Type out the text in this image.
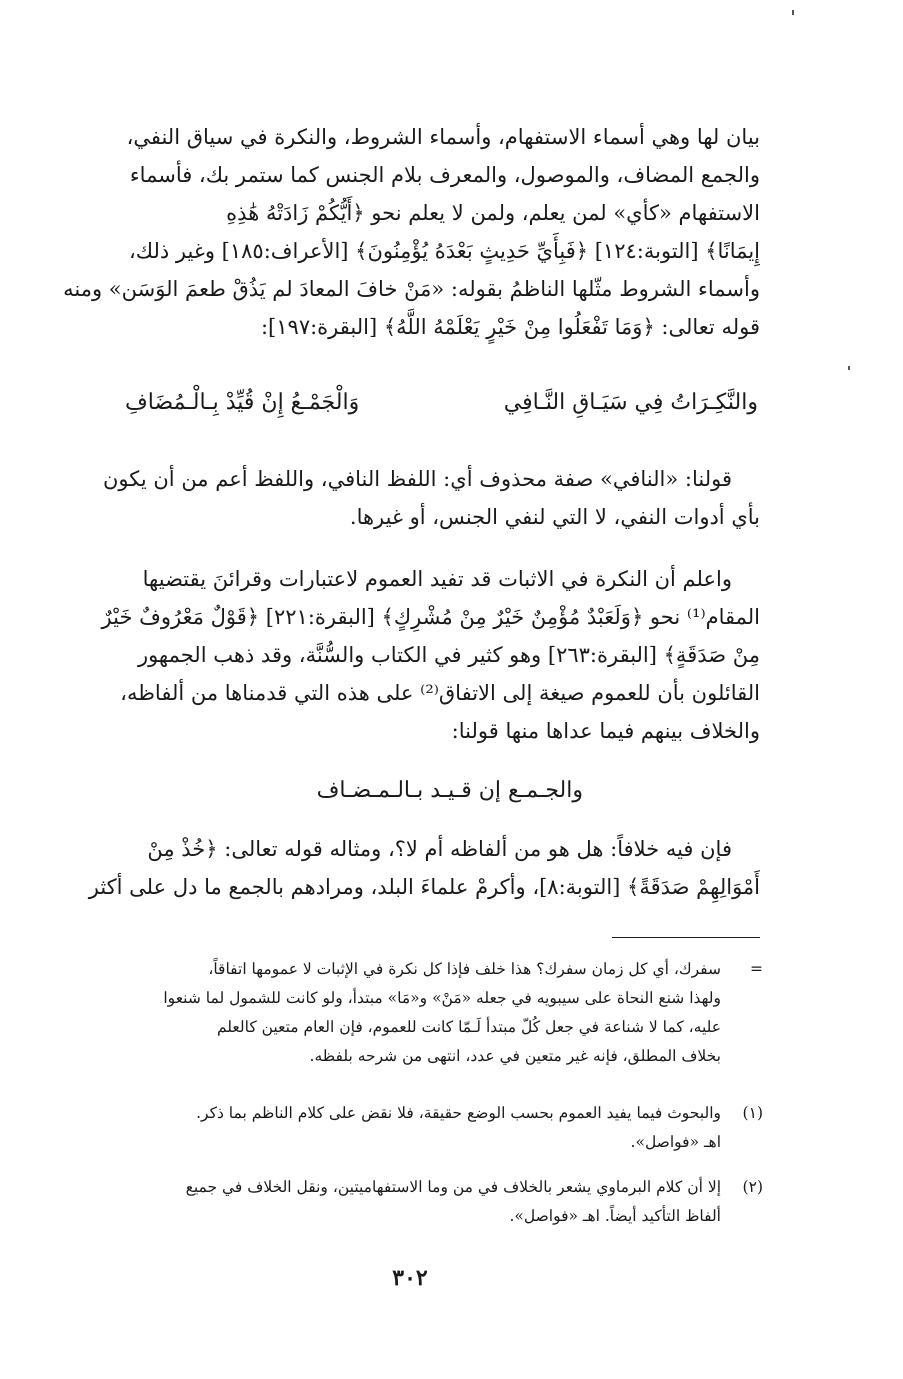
بيان لها وهي أسماء الاستفهام، وأسماء الشروط، والنكرة في سياق النفي،
والجمع المضاف، والموصول، والمعرف بلام الجنس كما ستمر بك، فأسماء
الاستفهام «كأي» لمن يعلم، ولمن لا يعلم نحو ﴿أَيُّكُمْ زَادَتْهُ هَٰذِهِ
إِيمَانًا﴾ [التوبة:١٢٤] ﴿فَبِأَيِّ حَدِيثٍ بَعْدَهُ يُؤْمِنُونَ﴾ [الأعراف:١٨٥] وغير ذلك،
وأسماء الشروط مثّلها الناظمُ بقوله: «مَنْ خافَ المعادَ لم يَذُقْ طعمَ الوَسَن» ومنه
قوله تعالى: ﴿وَمَا تَفْعَلُوا مِنْ خَيْرٍ يَعْلَمْهُ اللَّهُ﴾ [البقرة:١٩٧]:
والنَّكِـرَاتُ فِي سَيَـاقِ النَّـافِي
وَالْجَمْـعُ إِنْ قُيِّدْ بِـالْـمُضَافِ
قولنا: «النافي» صفة محذوف أي: اللفظ النافي، واللفظ أعم من أن يكون
بأي أدوات النفي، لا التي لنفي الجنس، أو غيرها.
واعلم أن النكرة في الاثبات قد تفيد العموم لاعتبارات وقرائنَ يقتضيها
المقام⁽¹⁾ نحو ﴿وَلَعَبْدٌ مُؤْمِنٌ خَيْرٌ مِنْ مُشْرِكٍ﴾ [البقرة:٢٢١] ﴿قَوْلٌ مَعْرُوفٌ خَيْرٌ
مِنْ صَدَقَةٍ﴾ [البقرة:٢٦٣] وهو كثير في الكتاب والسُّنَّة، وقد ذهب الجمهور
القائلون بأن للعموم صيغة إلى الاتفاق⁽²⁾ على هذه التي قدمناها من ألفاظه،
والخلاف بينهم فيما عداها منها قولنا:
والجـمـع إن قـيـد بـالـمـضـاف
فإن فيه خلافاً: هل هو من ألفاظه أم لا؟، ومثاله قوله تعالى: ﴿خُذْ مِنْ
أَمْوَالِهِمْ صَدَقَةً﴾ [التوبة:٨]، وأكرمْ علماءَ البلد، ومرادهم بالجمع ما دل على أكثر
=
سفرك، أي كل زمان سفرك؟ هذا خلف فإذا كل نكرة في الإثبات لا عمومها اتفاقاً،
ولهذا شنع النحاة على سيبويه في جعله «مَنْ» و«مَا» مبتدأ، ولو كانت للشمول لما شنعوا
عليه، كما لا شناعة في جعل كُلّ مبتدأ لَـمّا كانت للعموم، فإن العام متعين كالعلم
بخلاف المطلق، فإنه غير متعين في عدد، انتهى من شرحه بلفظه.
(١)
والبحوث فيما يفيد العموم بحسب الوضع حقيقة، فلا نقض على كلام الناظم بما ذكر.
اهـ «فواصل».
(٢)
إلا أن كلام البرماوي يشعر بالخلاف في من وما الاستفهاميتين، ونقل الخلاف في جميع
ألفاظ التأكيد أيضاً. اهـ «فواصل».
٣٠٢
